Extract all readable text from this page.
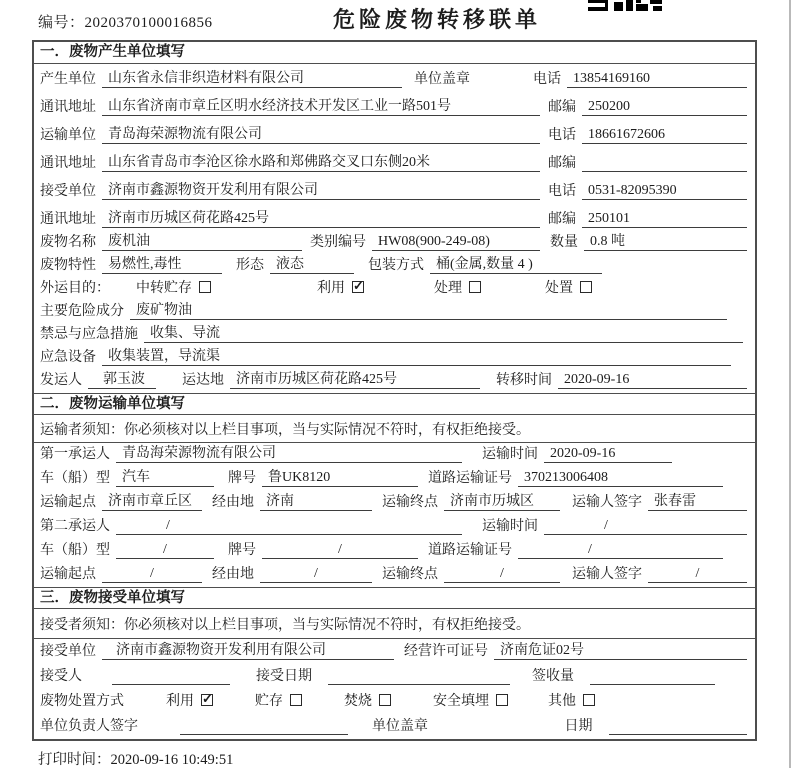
编号：2020370100016856	危险废物转移联单
一．废物产生单位填写
产生单位 山东省永信非织造材料有限公司	单位盖章	电话 13854169160
通讯地址 山东省济南市章丘区明水经济技术开发区工业一路501号	邮编 250200
运输单位 青岛海荣源物流有限公司	电话 18661672606
通讯地址 山东省青岛市李沧区徐水路和郑佛路交叉口东侧20米	邮编
接受单位 济南市鑫源物资开发利用有限公司	电话 0531-82095390
通讯地址 济南市历城区荷花路425号	邮编 250101
废物名称 废机油	类别编号 HW08(900-249-08)	数量 0.8 吨
废物特性 易燃性,毒性	形态 液态	包装方式 桶(金属,数量 4 )
外运目的： 中转贮存	利用 ✓	处理	处置
主要危险成分 废矿物油
禁忌与应急措施 收集、导流
应急设备 收集装置，导流渠
发运人	郭玉波	运达地 济南市历城区荷花路425号	转移时间 2020-09-16
二．废物运输单位填写
运输者须知：你必须核对以上栏目事项，当与实际情况不符时，有权拒绝接受。
第一承运人 青岛海荣源物流有限公司	运输时间 2020-09-16
车（船）型 汽车	牌号 鲁UK8120	道路运输证号 370213006408
运输起点 济南市章丘区	经由地 济南	运输终点 济南市历城区	运输人签字 张春雷
第二承运人	/	运输时间	/
车（船）型	/	牌号	/	道路运输证号	/
运输起点	/	经由地	/	运输终点	/	运输人签字	/
三．废物接受单位填写
接受者须知：你必须核对以上栏目事项，当与实际情况不符时，有权拒绝接受。
接受单位	济南市鑫源物资开发利用有限公司	经营许可证号 济南危证02号
接受人	接受日期	签收量
废物处置方式	利用 ✓	贮存	焚烧	安全填埋	其他
单位负责人签字	单位盖章	日期
打印时间：2020-09-16 10:49:51
